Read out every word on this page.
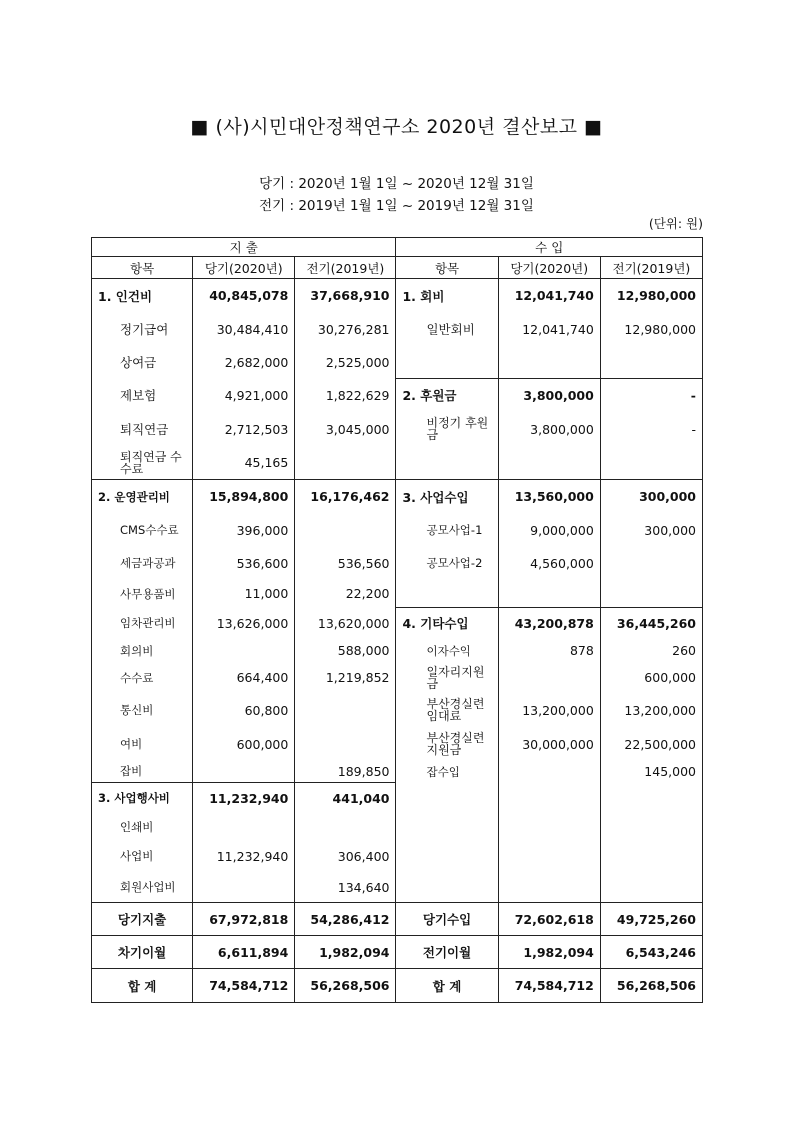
■ (사)시민대안정책연구소 2020년 결산보고 ■
당기 : 2020년 1월 1일 ~ 2020년 12월 31일
전기 : 2019년 1월 1일 ~ 2019년 12월 31일
(단위: 원)
지 출			수 입		
항목	당기(2020년)	전기(2019년)	항목	당기(2020년)	전기(2019년)
1. 인건비	40,845,078	37,668,910	1. 회비	12,041,740	12,980,000
정기급여	30,484,410	30,276,281	일반회비	12,041,740	12,980,000
상여금	2,682,000	2,525,000			
제보험	4,921,000	1,822,629	2. 후원금	3,800,000	-
퇴직연금	2,712,503	3,045,000	비정기 후원금	3,800,000	-
퇴직연금 수수료	45,165				
2. 운영관리비	15,894,800	16,176,462	3. 사업수입	13,560,000	300,000
CMS수수료	396,000		공모사업-1	9,000,000	300,000
세금과공과	536,600	536,560	공모사업-2	4,560,000	
사무용품비	11,000	22,200			
임차관리비	13,626,000	13,620,000	4. 기타수입	43,200,878	36,445,260
회의비		588,000	이자수익	878	260
수수료	664,400	1,219,852	일자리지원금		600,000
통신비	60,800		부산경실련 임대료	13,200,000	13,200,000
여비	600,000		부산경실련 지원금	30,000,000	22,500,000
잡비		189,850	잡수입		145,000
3. 사업행사비	11,232,940	441,040			
인쇄비					
사업비	11,232,940	306,400			
회원사업비		134,640			
당기지출	67,972,818	54,286,412	당기수입	72,602,618	49,725,260
차기이월	6,611,894	1,982,094	전기이월	1,982,094	6,543,246
합 계	74,584,712	56,268,506	합 계	74,584,712	56,268,506
